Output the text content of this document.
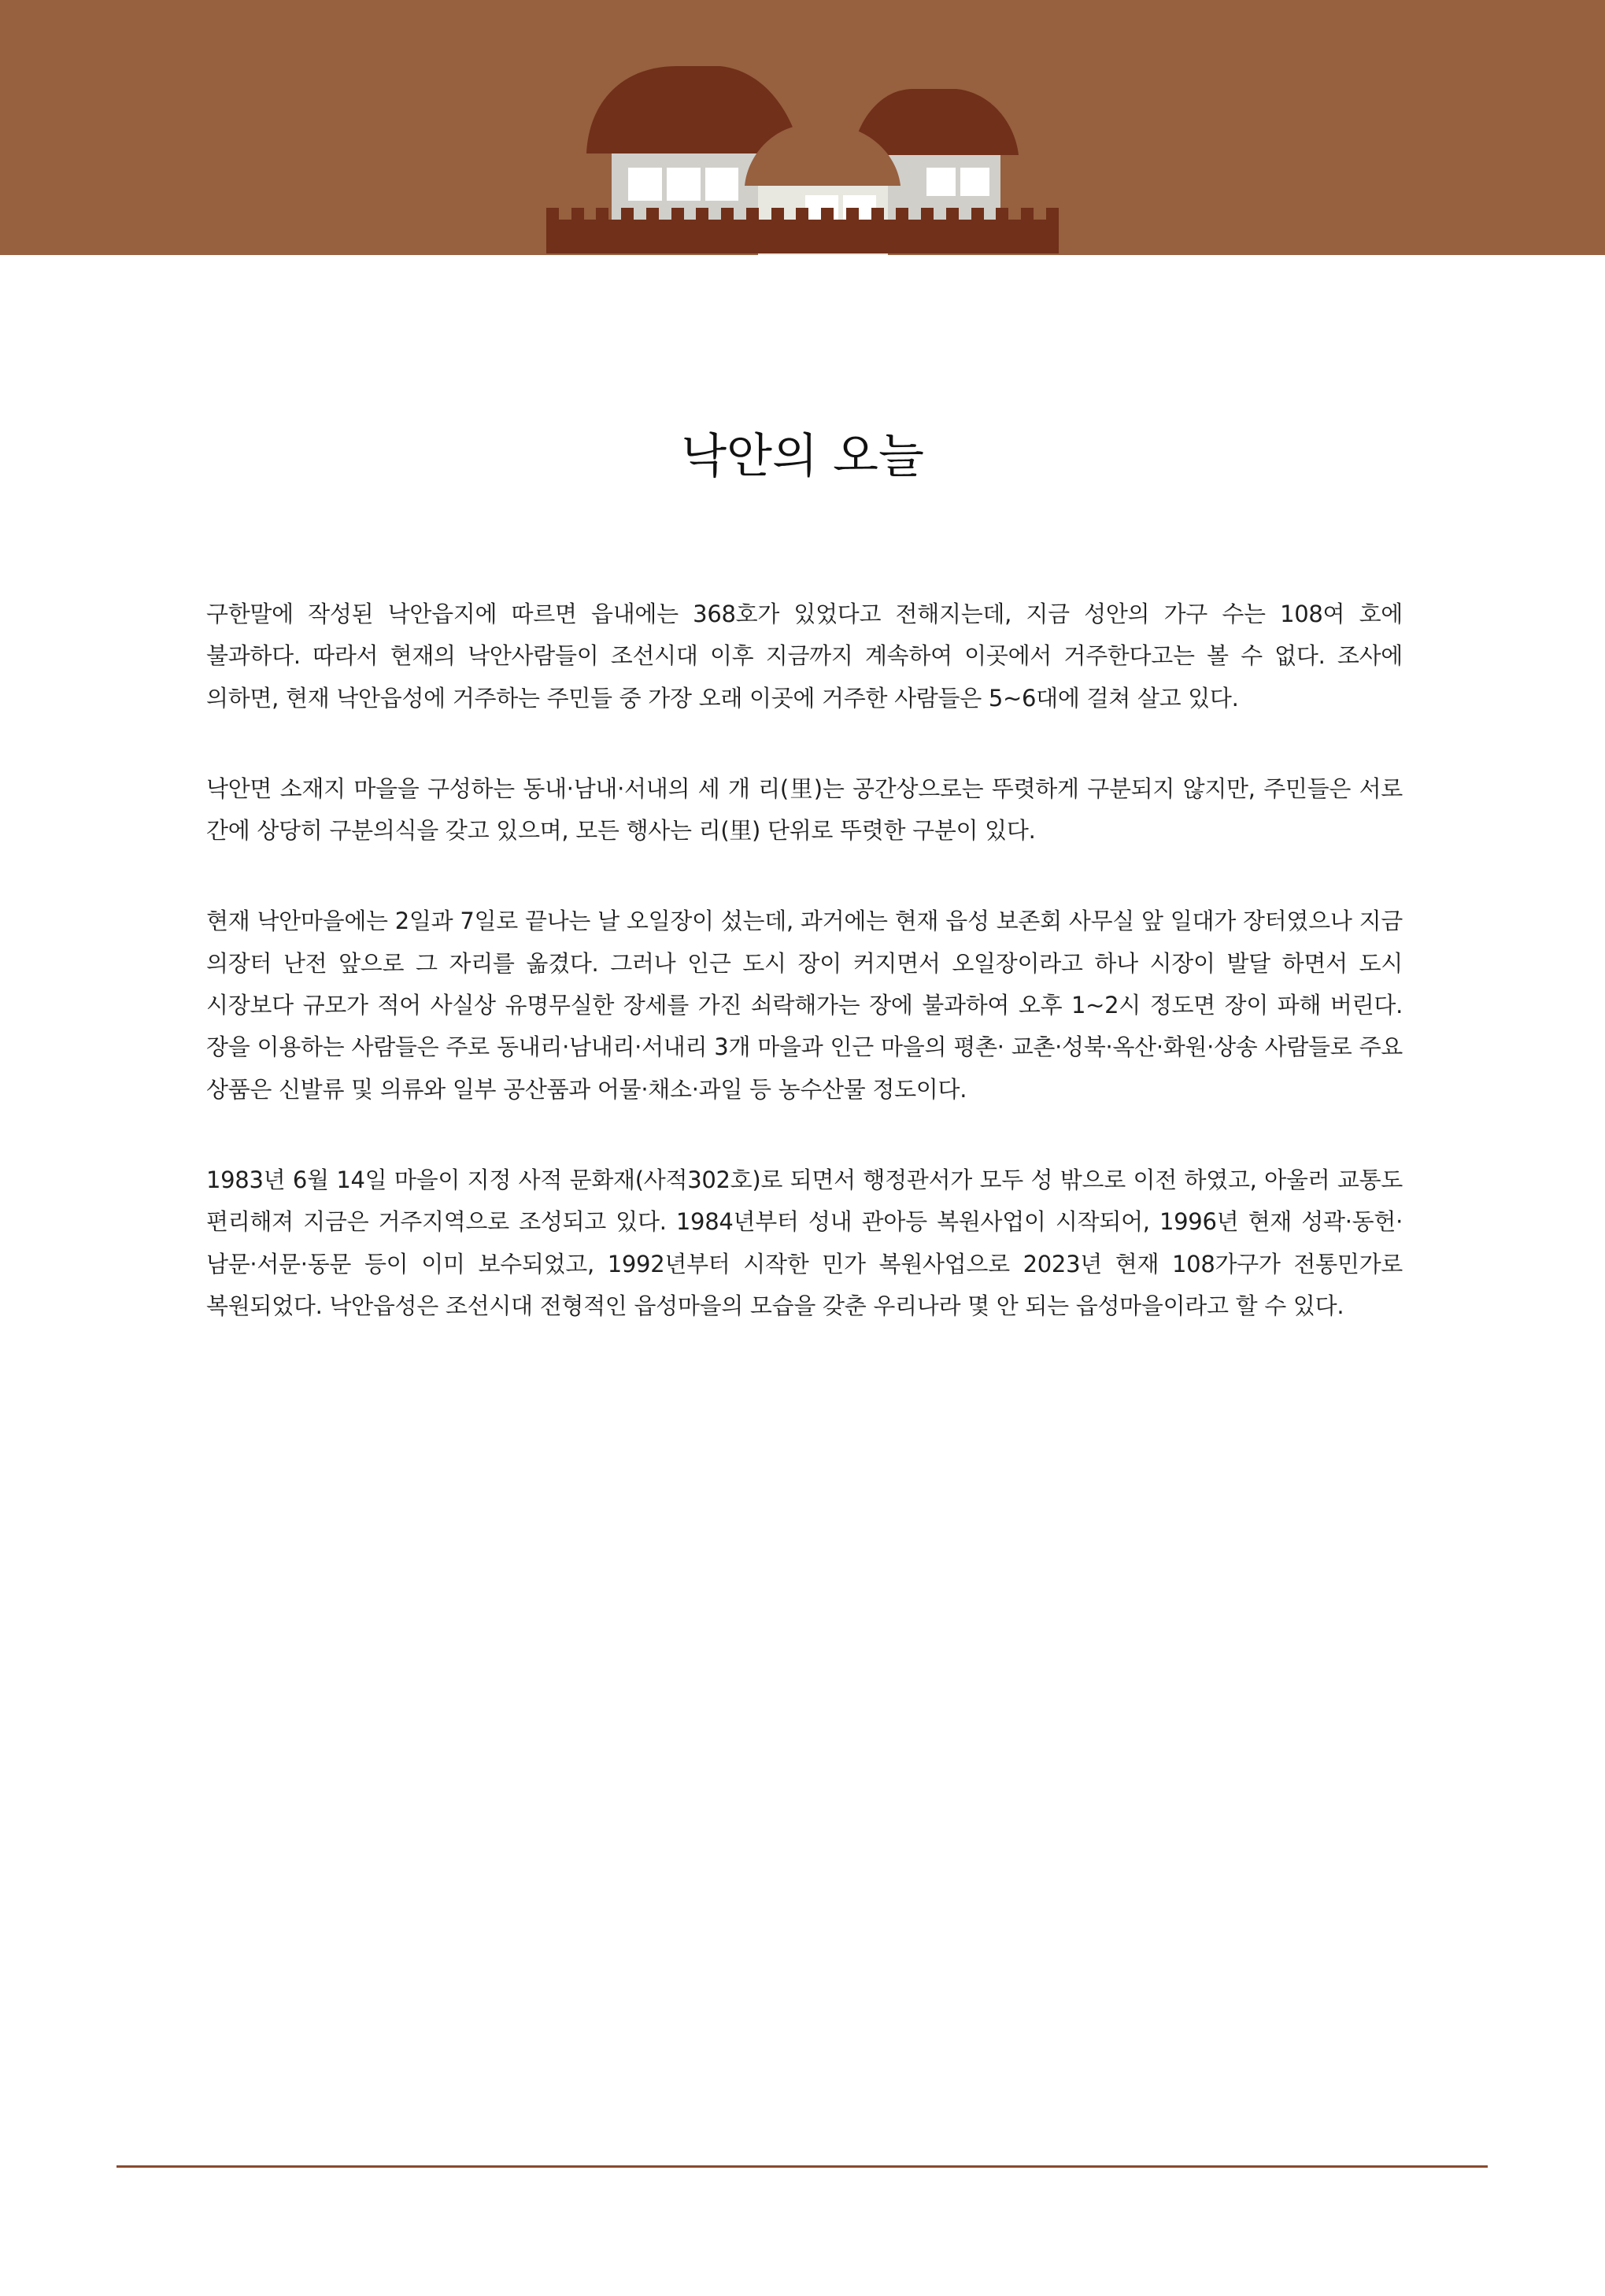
낙안의 오늘

구한말에 작성된 낙안읍지에 따르면 읍내에는 368호가 있었다고 전해지는데, 지금 성안의 가구 수는 108여 호에 불과하다. 따라서 현재의 낙안사람들이 조선시대 이후 지금까지 계속하여 이곳에서 거주한다고는 볼 수 없다. 조사에 의하면, 현재 낙안읍성에 거주하는 주민들 중 가장 오래 이곳에 거주한 사람들은 5~6대에 걸쳐 살고 있다.

낙안면 소재지 마을을 구성하는 동내·남내·서내의 세 개 리(里)는 공간상으로는 뚜렷하게 구분되지 않지만, 주민들은 서로 간에 상당히 구분의식을 갖고 있으며, 모든 행사는 리(里) 단위로 뚜렷한 구분이 있다.

현재 낙안마을에는 2일과 7일로 끝나는 날 오일장이 섰는데, 과거에는 현재 읍성 보존회 사무실 앞 일대가 장터였으나 지금 의장터 난전 앞으로 그 자리를 옮겼다. 그러나 인근 도시 장이 커지면서 오일장이라고 하나 시장이 발달 하면서 도시 시장보다 규모가 적어 사실상 유명무실한 장세를 가진 쇠락해가는 장에 불과하여 오후 1~2시 정도면 장이 파해 버린다. 장을 이용하는 사람들은 주로 동내리·남내리·서내리 3개 마을과 인근 마을의 평촌· 교촌·성북·옥산·화원·상송 사람들로 주요 상품은 신발류 및 의류와 일부 공산품과 어물·채소·과일 등 농수산물 정도이다.

1983년 6월 14일 마을이 지정 사적 문화재(사적302호)로 되면서 행정관서가 모두 성 밖으로 이전 하였고, 아울러 교통도 편리해져 지금은 거주지역으로 조성되고 있다. 1984년부터 성내 관아등 복원사업이 시작되어, 1996년 현재 성곽·동헌·남문·서문·동문 등이 이미 보수되었고, 1992년부터 시작한 민가 복원사업으로 2023년 현재 108가구가 전통민가로 복원되었다. 낙안읍성은 조선시대 전형적인 읍성마을의 모습을 갖춘 우리나라 몇 안 되는 읍성마을이라고 할 수 있다.
